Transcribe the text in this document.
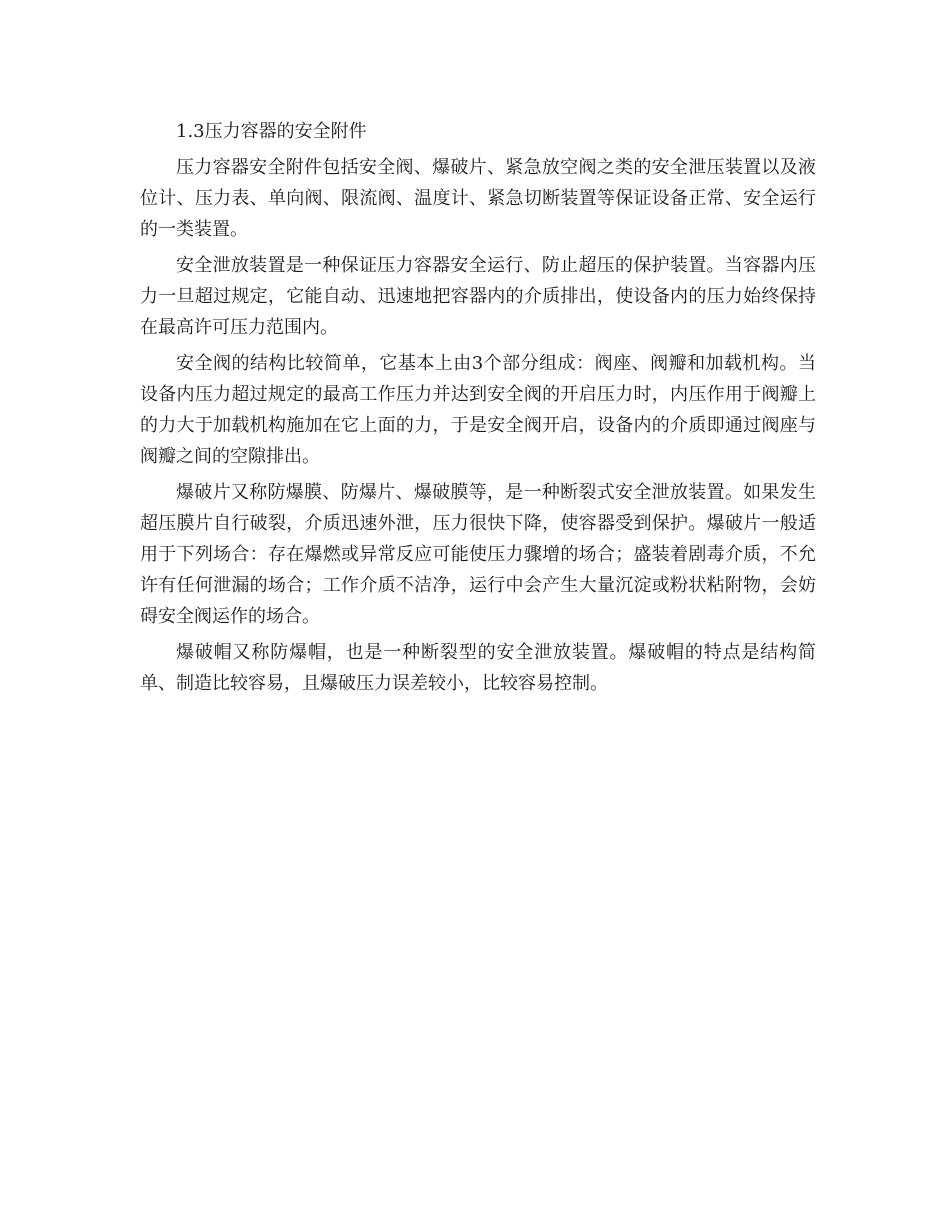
1.3压力容器的安全附件

压力容器安全附件包括安全阀、爆破片、紧急放空阀之类的安全泄压装置以及液位计、压力表、单向阀、限流阀、温度计、紧急切断装置等保证设备正常、安全运行的一类装置。

安全泄放装置是一种保证压力容器安全运行、防止超压的保护装置。当容器内压力一旦超过规定，它能自动、迅速地把容器内的介质排出，使设备内的压力始终保持在最高许可压力范围内。

安全阀的结构比较简单，它基本上由3个部分组成：阀座、阀瓣和加载机构。当设备内压力超过规定的最高工作压力并达到安全阀的开启压力时，内压作用于阀瓣上的力大于加载机构施加在它上面的力，于是安全阀开启，设备内的介质即通过阀座与阀瓣之间的空隙排出。

爆破片又称防爆膜、防爆片、爆破膜等，是一种断裂式安全泄放装置。如果发生超压膜片自行破裂，介质迅速外泄，压力很快下降，使容器受到保护。爆破片一般适用于下列场合：存在爆燃或异常反应可能使压力骤增的场合；盛装着剧毒介质，不允许有任何泄漏的场合；工作介质不洁净，运行中会产生大量沉淀或粉状粘附物，会妨碍安全阀运作的场合。

爆破帽又称防爆帽，也是一种断裂型的安全泄放装置。爆破帽的特点是结构简单、制造比较容易，且爆破压力误差较小，比较容易控制。
